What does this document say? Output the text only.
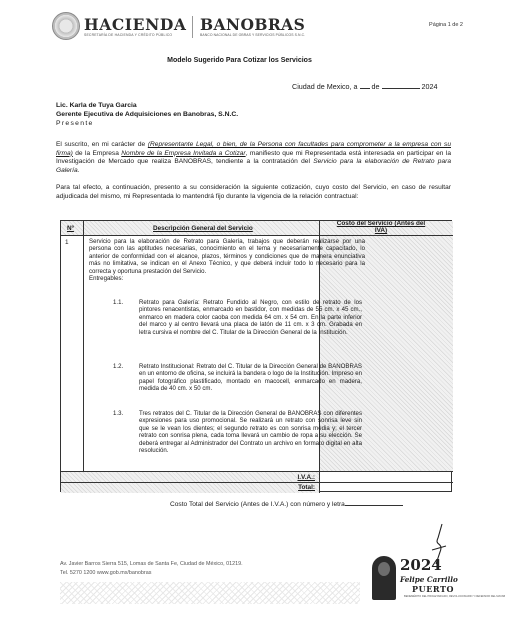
HACIENDA
SECRETARÍA DE HACIENDA Y CRÉDITO PÚBLICO
BANOBRAS
BANCO NACIONAL DE OBRAS Y SERVICIOS PÚBLICOS S.N.C.
Página 1 de 2
Modelo Sugerido Para Cotizar los Servicios
Ciudad de Mexico, a de	2024
Lic. Karla de Tuya Garcia
Gerente Ejecutiva de Adquisiciones en Banobras, S.N.C.
Presente
El suscrito, en mi carácter de (Representante Legal, o bien, de la Persona con facultades para comprometer a la empresa con su firma) de la Empresa Nombre de la Empresa Invitada a Cotizar, manifiesto que mi Representada está interesada en participar en la Investigación de Mercado que realiza BANOBRAS, tendiente a la contratación del Servicio para la elaboración de Retrato para Galería.
Para tal efecto, a continuación, presento a su consideración la siguiente cotización, cuyo costo del Servicio, en caso de resultar adjudicada del mismo, mi Representada lo mantendrá fijo durante la vigencia de la relación contractual:
Nº	Descripción General del Servicio
Costo del Servicio (Antes del IVA)
1	Servicio para la elaboración de Retrato para Galería, trabajos que deberán realizarse por una persona con las aptitudes necesarias, conocimiento en el tema y necesariamente capacitado, lo anterior de conformidad con el alcance, plazos, términos y condiciones que de manera enunciativa más no limitativa, se indican en el Anexo Técnico, y que deberá incluir todo lo necesario para la correcta y oportuna prestación del Servicio.
Entregables:
1.1.	Retrato para Galería: Retrato Fundido al Negro, con estilo de retrato de los pintores renacentistas, enmarcado en bastidor, con medidas de 55 cm. x 45 cm., enmarco en madera color caoba con medida 64 cm. x 54 cm. En la parte inferior del marco y al centro llevará una placa de latón de 11 cm. x 3 cm. Grabada en letra cursiva el nombre del C. Titular de la Dirección General de la Institución.
1.2.	Retrato Institucional: Retrato del C. Titular de la Dirección General de BANOBRAS en un entorno de oficina, se incluirá la bandera o logo de la Institución. Impreso en papel fotográfico plastificado, montado en macocell, enmarcado en madera, medida de 40 cm. x 50 cm.
1.3.	Tres retratos del C. Titular de la Dirección General de BANOBRAS con diferentes expresiones para uso promocional. Se realizará un retrato con sonrisa leve sin que se le vean los dientes; el segundo retrato es con sonrisa media y; el tercer retrato con sonrisa plena, cada toma llevará un cambio de ropa a su elección. Se deberá entregar al Administrador del Contrato un archivo en formato digital en alta resolución.
I.V.A.:
Total:
Costo Total del Servicio (Antes de I.V.A.) con número y letra
Av. Javier Barros Sierra 515, Lomas de Santa Fe, Ciudad de México, 01219.
Tel. 5270 1200 www.gob.mx/banobras	2024
Felipe Carrillo
PUERTO
BENEMÉRITO DEL PROLETARIADO, REVOLUCIONARIO Y DEFENSOR DEL MAYAB
